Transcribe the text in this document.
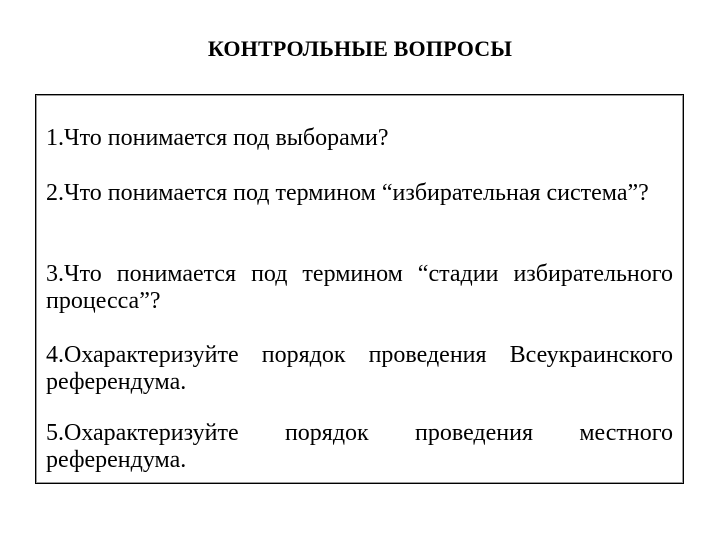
КОНТРОЛЬНЫЕ ВОПРОСЫ
1.Что понимается под выборами?
2.Что понимается под термином “избирательная система”?
3.Что понимается под термином “стадии избирательного процесса”?
4.Охарактеризуйте порядок проведения Всеукраинского референдума.
5.Охарактеризуйте порядок проведения местного референдума.
